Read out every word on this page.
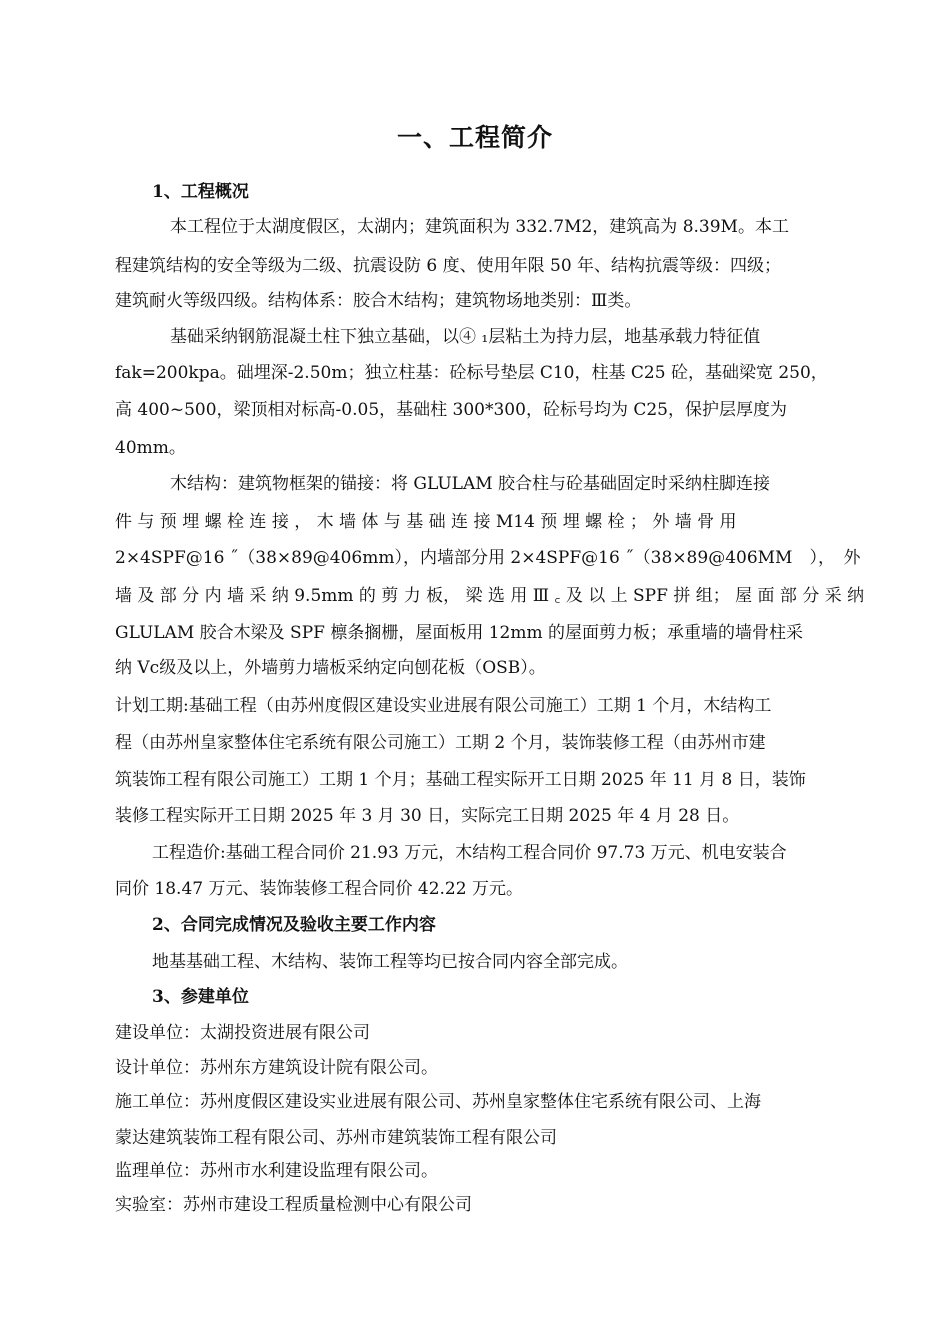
一、工程简介

1、工程概况

本工程位于太湖度假区，太湖内；建筑面积为 332.7M2，建筑高为 8.39M。本工

程建筑结构的安全等级为二级、抗震设防 6 度、使用年限 50 年、结构抗震等级：四级；

建筑耐火等级四级。结构体系：胶合木结构；建筑物场地类别：Ⅲ类。

基础采纳钢筋混凝土柱下独立基础，以④ ₁层粘土为持力层，地基承载力特征值

fak=200kpa。础埋深-2.50m；独立柱基：砼标号垫层 C10，柱基 C25 砼，基础梁宽 250，

高 400~500，梁顶相对标高-0.05，基础柱 300*300，砼标号均为 C25，保护层厚度为

40mm。

木结构：建筑物框架的锚接：将 GLULAM 胶合柱与砼基础固定时采纳柱脚连接

件 与 预 埋 螺 栓 连 接 ， 木 墙 体 与 基 础 连 接 M14 预 埋 螺 栓 ； 外 墙 骨 用

2×4SPF@16 ˝（38×89@406mm），内墙部分用 2×4SPF@16 ˝（38×89@406MM　），　外

墙 及 部 分 内 墙 采 纳 9.5mm 的 剪 力 板， 梁 选 用 Ⅲ ꜀ 及 以 上 SPF 拼 组； 屋 面 部 分 采 纳

GLULAM 胶合木梁及 SPF 檩条搁栅，屋面板用 12mm 的屋面剪力板；承重墙的墙骨柱采

纳 Vc级及以上，外墙剪力墙板采纳定向刨花板（OSB）。

计划工期:基础工程（由苏州度假区建设实业进展有限公司施工）工期 1 个月，木结构工

程（由苏州皇家整体住宅系统有限公司施工）工期 2 个月，装饰装修工程（由苏州市建

筑装饰工程有限公司施工）工期 1 个月；基础工程实际开工日期 2025 年 11 月 8 日，装饰

装修工程实际开工日期 2025 年 3 月 30 日，实际完工日期 2025 年 4 月 28 日。

工程造价:基础工程合同价 21.93 万元，木结构工程合同价 97.73 万元、机电安装合

同价 18.47 万元、装饰装修工程合同价 42.22 万元。

2、合同完成情况及验收主要工作内容

地基基础工程、木结构、装饰工程等均已按合同内容全部完成。

3、参建单位

建设单位：太湖投资进展有限公司

设计单位：苏州东方建筑设计院有限公司。

施工单位：苏州度假区建设实业进展有限公司、苏州皇家整体住宅系统有限公司、上海

蒙达建筑装饰工程有限公司、苏州市建筑装饰工程有限公司

监理单位：苏州市水利建设监理有限公司。

实验室：苏州市建设工程质量检测中心有限公司
